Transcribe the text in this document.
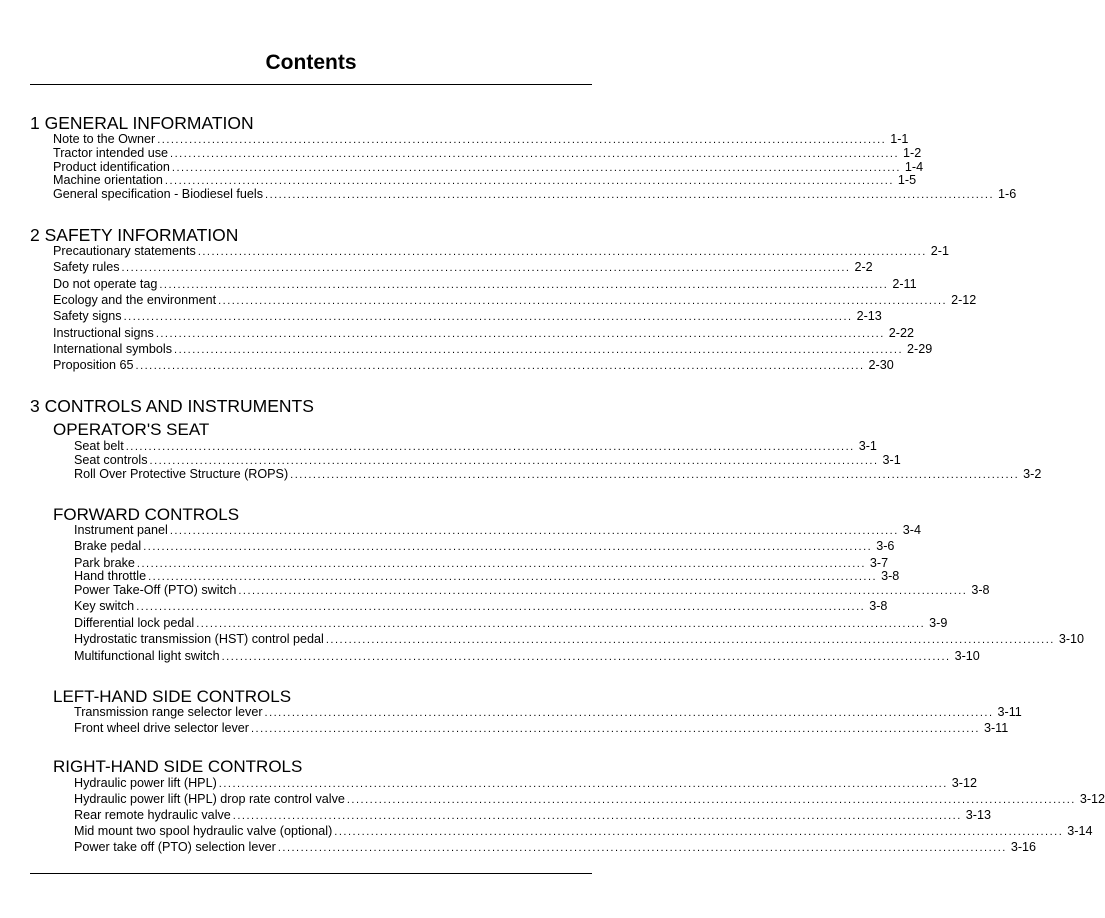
Contents
1 GENERAL INFORMATION
Note to the Owner ................................................................................................................................................................ 1-1
Tractor intended use ................................................................................................................................................................ 1-2
Product identification ................................................................................................................................................................ 1-4
Machine orientation ................................................................................................................................................................ 1-5
General specification - Biodiesel fuels ................................................................................................................................................................ 1-6
2 SAFETY INFORMATION
Precautionary statements ................................................................................................................................................................ 2-1
Safety rules ................................................................................................................................................................ 2-2
Do not operate tag ................................................................................................................................................................ 2-11
Ecology and the environment ................................................................................................................................................................ 2-12
Safety signs ................................................................................................................................................................ 2-13
Instructional signs ................................................................................................................................................................ 2-22
International symbols ................................................................................................................................................................ 2-29
Proposition 65 ................................................................................................................................................................ 2-30
3 CONTROLS AND INSTRUMENTS
OPERATOR'S SEAT
Seat belt ................................................................................................................................................................ 3-1
Seat controls ................................................................................................................................................................ 3-1
Roll Over Protective Structure (ROPS) ................................................................................................................................................................ 3-2
FORWARD CONTROLS
Instrument panel ................................................................................................................................................................ 3-4
Brake pedal ................................................................................................................................................................ 3-6
Park brake ................................................................................................................................................................ 3-7
Hand throttle ................................................................................................................................................................ 3-8
Power Take-Off (PTO) switch ................................................................................................................................................................ 3-8
Key switch ................................................................................................................................................................ 3-8
Differential lock pedal ................................................................................................................................................................ 3-9
Hydrostatic transmission (HST) control pedal ................................................................................................................................................................ 3-10
Multifunctional light switch ................................................................................................................................................................ 3-10
LEFT-HAND SIDE CONTROLS
Transmission range selector lever ................................................................................................................................................................ 3-11
Front wheel drive selector lever ................................................................................................................................................................ 3-11
RIGHT-HAND SIDE CONTROLS
Hydraulic power lift (HPL) ................................................................................................................................................................ 3-12
Hydraulic power lift (HPL) drop rate control valve ................................................................................................................................................................ 3-12
Rear remote hydraulic valve ................................................................................................................................................................ 3-13
Mid mount two spool hydraulic valve (optional) ................................................................................................................................................................ 3-14
Power take off (PTO) selection lever ................................................................................................................................................................ 3-16
